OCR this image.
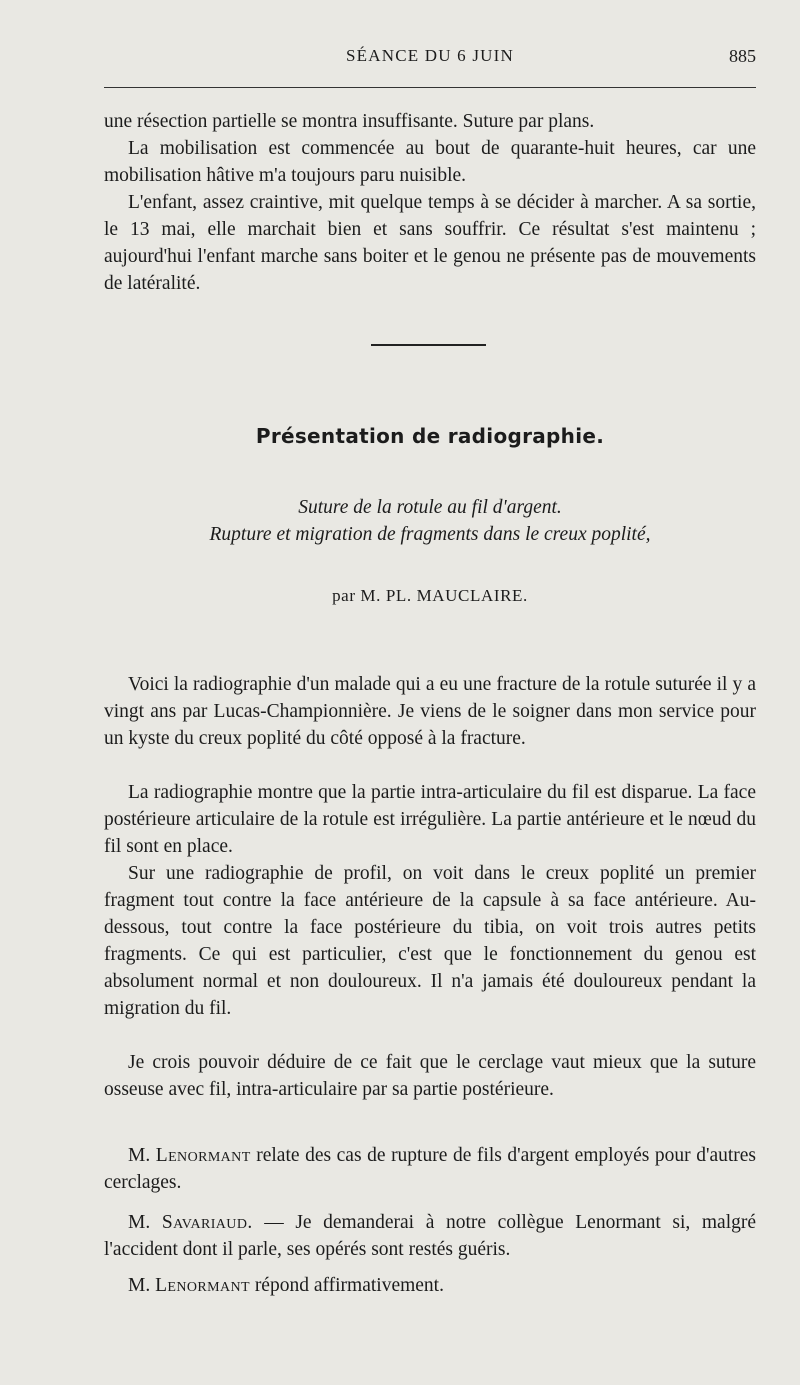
SÉANCE DU 6 JUIN	885

une résection partielle se montra insuffisante. Suture par plans.

La mobilisation est commencée au bout de quarante-huit heures, car une mobilisation hâtive m'a toujours paru nuisible.

L'enfant, assez craintive, mit quelque temps à se décider à marcher. A sa sortie, le 13 mai, elle marchait bien et sans souffrir. Ce résultat s'est maintenu ; aujourd'hui l'enfant marche sans boiter et le genou ne présente pas de mouvements de latéralité.

Présentation de radiographie.
Suture de la rotule au fil d'argent.
Rupture et migration de fragments dans le creux poplité,
par M. PL. MAUCLAIRE.

Voici la radiographie d'un malade qui a eu une fracture de la rotule suturée il y a vingt ans par Lucas-Championnière. Je viens de le soigner dans mon service pour un kyste du creux poplité du côté opposé à la fracture.

La radiographie montre que la partie intra-articulaire du fil est disparue. La face postérieure articulaire de la rotule est irrégulière. La partie antérieure et le nœud du fil sont en place.

Sur une radiographie de profil, on voit dans le creux poplité un premier fragment tout contre la face antérieure de la capsule à sa face antérieure. Au-dessous, tout contre la face postérieure du tibia, on voit trois autres petits fragments. Ce qui est particulier, c'est que le fonctionnement du genou est absolument normal et non douloureux. Il n'a jamais été douloureux pendant la migration du fil.

Je crois pouvoir déduire de ce fait que le cerclage vaut mieux que la suture osseuse avec fil, intra-articulaire par sa partie postérieure.

M. Lenormant relate des cas de rupture de fils d'argent employés pour d'autres cerclages.

M. Savariaud. — Je demanderai à notre collègue Lenormant si, malgré l'accident dont il parle, ses opérés sont restés guéris.

M. Lenormant répond affirmativement.
